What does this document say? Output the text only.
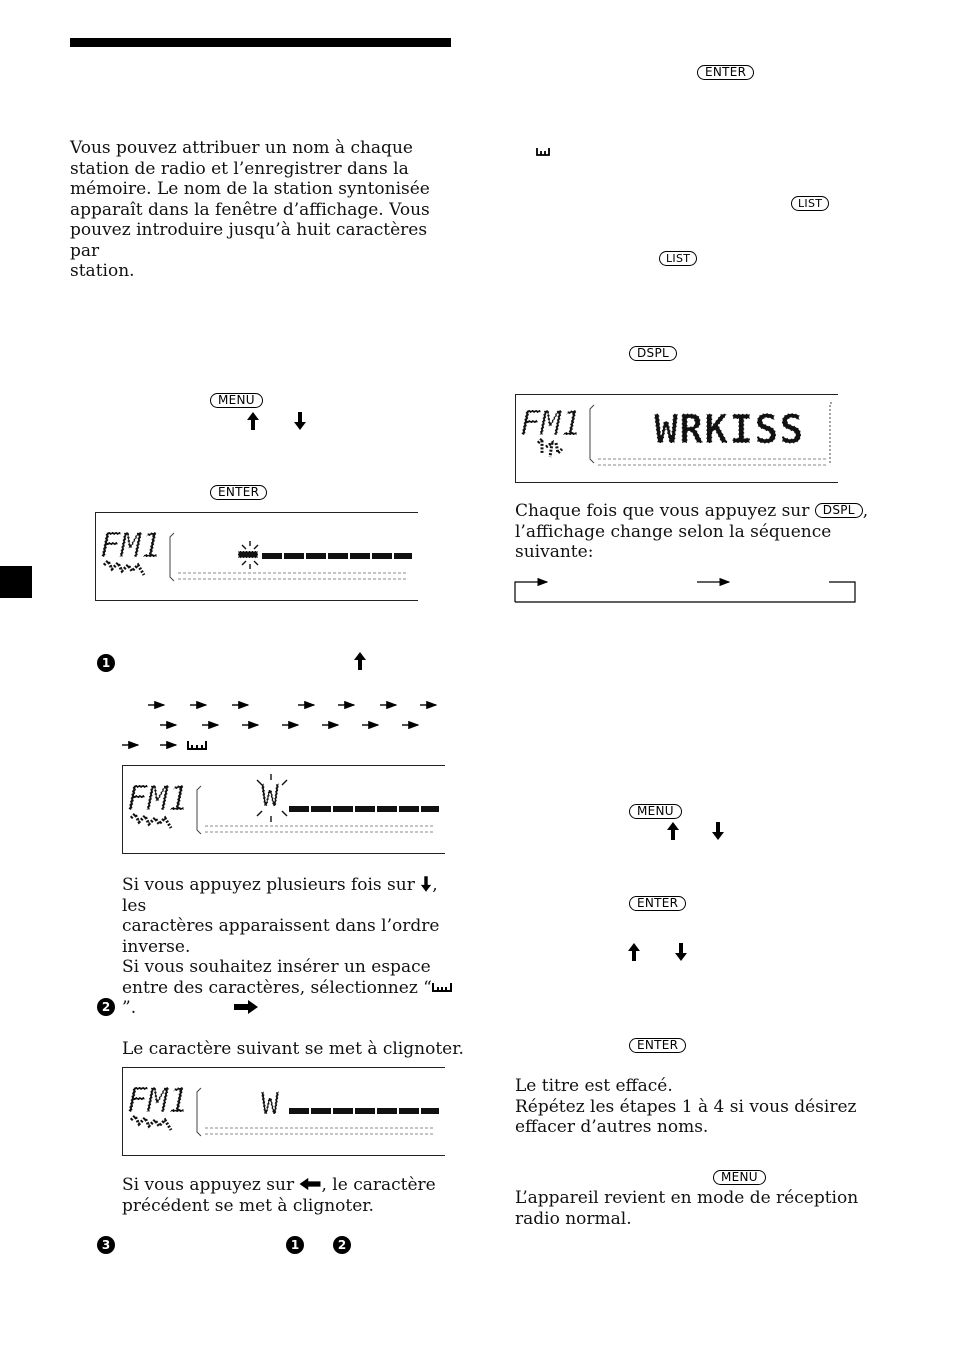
Vous pouvez attribuer un nom à chaque
station de radio et l’enregistrer dans la
mémoire. Le nom de la station syntonisée
apparaît dans la fenêtre d’affichage. Vous
pouvez introduire jusqu’à huit caractères par
station.
MENU
ENTER
FM1
1
FM1 W
Si vous appuyez plusieurs fois sur , les
caractères apparaissent dans l’ordre
inverse.
Si vous souhaitez insérer un espace
entre des caractères, sélectionnez “”.
2
Le caractère suivant se met à clignoter.
FM1 W
Si vous appuyez sur , le caractère
précédent se met à clignoter.
3	1	2
ENTER
LIST
LIST
DSPL
FM1 WRKISS
Chaque fois que vous appuyez sur DSPL ,
l’affichage change selon la séquence
suivante:
MENU
ENTER
ENTER
Le titre est effacé.
Répétez les étapes 1 à 4 si vous désirez
effacer d’autres noms.
MENU
L’appareil revient en mode de réception
radio normal.
